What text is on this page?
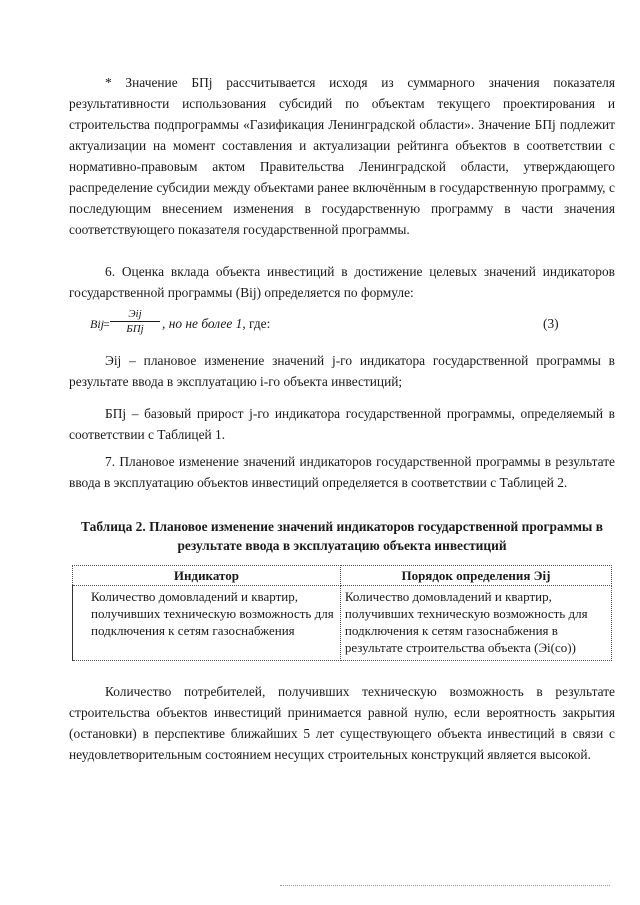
* Значение БПj рассчитывается исходя из суммарного значения показателя результативности использования субсидий по объектам текущего проектирования и строительства подпрограммы «Газификация Ленинградской области». Значение БПj подлежит актуализации на момент составления и актуализации рейтинга объектов в соответствии с нормативно-правовым актом Правительства Ленинградской области, утверждающего распределение субсидии между объектами ранее включённым в государственную программу, с последующим внесением изменения в государственную программу в части значения соответствующего показателя государственной программы.

6. Оценка вклада объекта инвестиций в достижение целевых значений индикаторов государственной программы (Bij) определяется по формуле:

Bij =
Эij
БПj	, но не более 1, где:	(3)

Эij – плановое изменение значений j-го индикатора государственной программы в результате ввода в эксплуатацию i-го объекта инвестиций;

БПj – базовый прирост j-го индикатора государственной программы, определяемый в соответствии с Таблицей 1.

7. Плановое изменение значений индикаторов государственной программы в результате ввода в эксплуатацию объектов инвестиций определяется в соответствии с Таблицей 2.

Таблица 2. Плановое изменение значений индикаторов государственной программы в результате ввода в эксплуатацию объекта инвестиций

Индикатор	Порядок определения Эij
Количество домовладений и квартир, получивших техническую возможность для подключения к сетям газоснабжения	Количество домовладений и квартир, получивших техническую возможность для подключения к сетям газоснабжения в результате строительства объекта (Эi(со))

Количество потребителей, получивших техническую возможность в результате строительства объектов инвестиций принимается равной нулю, если вероятность закрытия (остановки) в перспективе ближайших 5 лет существующего объекта инвестиций в связи с неудовлетворительным состоянием несущих строительных конструкций является высокой.
